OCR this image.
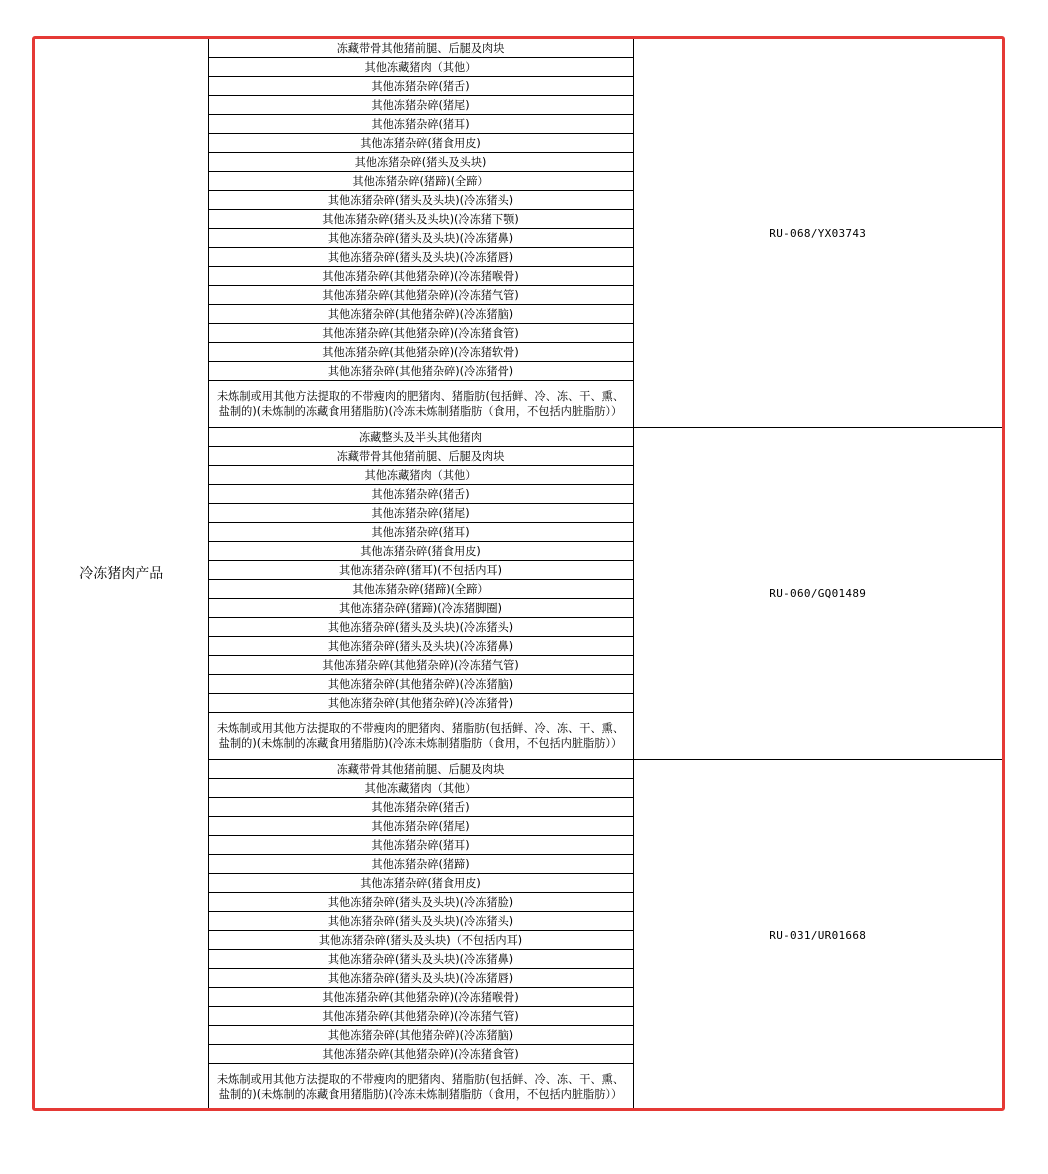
冷冻猪肉产品	冻藏带骨其他猪前腿、后腿及肉块	RU-068/YX03743
	其他冻藏猪肉（其他）	
	其他冻猪杂碎(猪舌)	
	其他冻猪杂碎(猪尾)	
	其他冻猪杂碎(猪耳)	
	其他冻猪杂碎(猪食用皮)	
	其他冻猪杂碎(猪头及头块)	
	其他冻猪杂碎(猪蹄)(全蹄）	
	其他冻猪杂碎(猪头及头块)(冷冻猪头)	
	其他冻猪杂碎(猪头及头块)(冷冻猪下颚)	
	其他冻猪杂碎(猪头及头块)(冷冻猪鼻)	
	其他冻猪杂碎(猪头及头块)(冷冻猪唇)	
	其他冻猪杂碎(其他猪杂碎)(冷冻猪喉骨)	
	其他冻猪杂碎(其他猪杂碎)(冷冻猪气管)	
	其他冻猪杂碎(其他猪杂碎)(冷冻猪脑)	
	其他冻猪杂碎(其他猪杂碎)(冷冻猪食管)	
	其他冻猪杂碎(其他猪杂碎)(冷冻猪软骨)	
	其他冻猪杂碎(其他猪杂碎)(冷冻猪骨)	
	未炼制或用其他方法提取的不带瘦肉的肥猪肉、猪脂肪(包括鲜、冷、冻、干、熏、盐制的)(未炼制的冻藏食用猪脂肪)(冷冻未炼制猪脂肪（食用，不包括内脏脂肪））	
	冻藏整头及半头其他猪肉	RU-060/GQ01489
	冻藏带骨其他猪前腿、后腿及肉块	
	其他冻藏猪肉（其他）	
	其他冻猪杂碎(猪舌)	
	其他冻猪杂碎(猪尾)	
	其他冻猪杂碎(猪耳)	
	其他冻猪杂碎(猪食用皮)	
	其他冻猪杂碎(猪耳)(不包括内耳)	
	其他冻猪杂碎(猪蹄)(全蹄）	
	其他冻猪杂碎(猪蹄)(冷冻猪脚圈)	
	其他冻猪杂碎(猪头及头块)(冷冻猪头)	
	其他冻猪杂碎(猪头及头块)(冷冻猪鼻)	
	其他冻猪杂碎(其他猪杂碎)(冷冻猪气管)	
	其他冻猪杂碎(其他猪杂碎)(冷冻猪脑)	
	其他冻猪杂碎(其他猪杂碎)(冷冻猪骨)	
	未炼制或用其他方法提取的不带瘦肉的肥猪肉、猪脂肪(包括鲜、冷、冻、干、熏、盐制的)(未炼制的冻藏食用猪脂肪)(冷冻未炼制猪脂肪（食用，不包括内脏脂肪））	
	冻藏带骨其他猪前腿、后腿及肉块	RU-031/UR01668
	其他冻藏猪肉（其他）	
	其他冻猪杂碎(猪舌)	
	其他冻猪杂碎(猪尾)	
	其他冻猪杂碎(猪耳)	
	其他冻猪杂碎(猪蹄)	
	其他冻猪杂碎(猪食用皮)	
	其他冻猪杂碎(猪头及头块)(冷冻猪脸)	
	其他冻猪杂碎(猪头及头块)(冷冻猪头)	
	其他冻猪杂碎(猪头及头块)（不包括内耳)	
	其他冻猪杂碎(猪头及头块)(冷冻猪鼻)	
	其他冻猪杂碎(猪头及头块)(冷冻猪唇)	
	其他冻猪杂碎(其他猪杂碎)(冷冻猪喉骨)	
	其他冻猪杂碎(其他猪杂碎)(冷冻猪气管)	
	其他冻猪杂碎(其他猪杂碎)(冷冻猪脑)	
	其他冻猪杂碎(其他猪杂碎)(冷冻猪食管)	
	未炼制或用其他方法提取的不带瘦肉的肥猪肉、猪脂肪(包括鲜、冷、冻、干、熏、盐制的)(未炼制的冻藏食用猪脂肪)(冷冻未炼制猪脂肪（食用，不包括内脏脂肪））	
